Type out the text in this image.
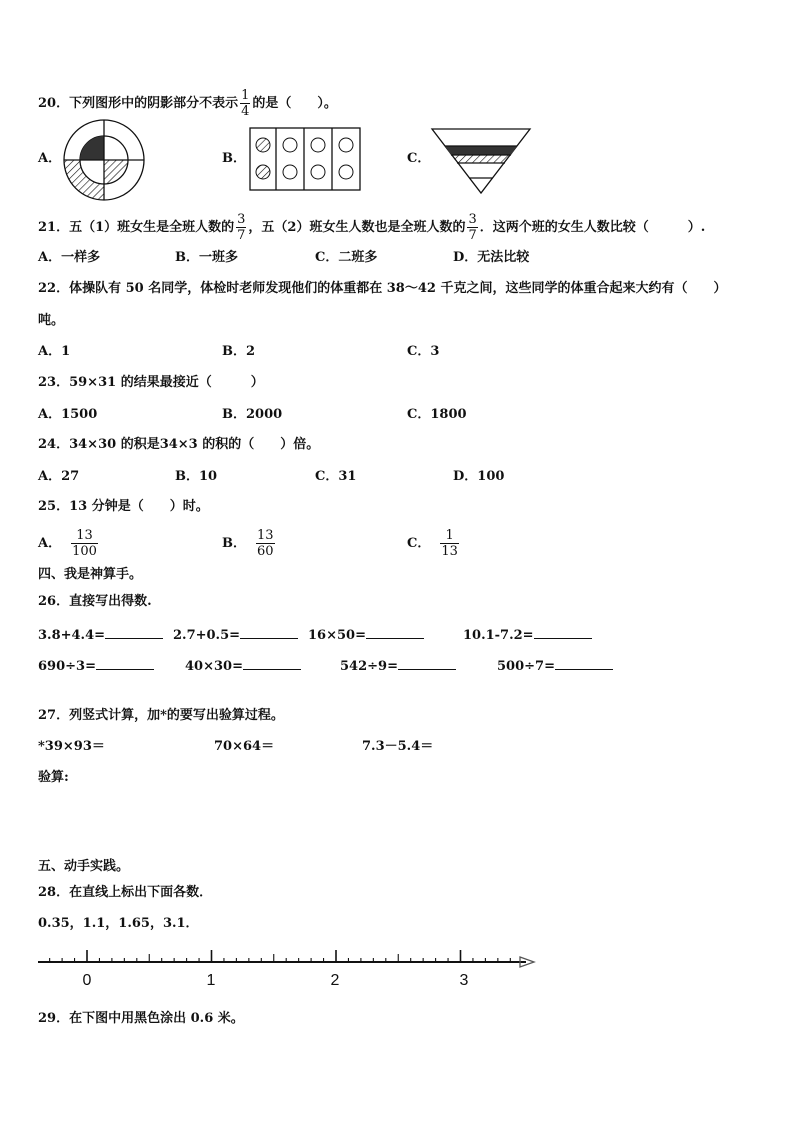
20．下列图形中的阴影部分不表示 $\frac{1}{4}$ 的是（　　）。
A．	B．	C．
21．五（1）班女生是全班人数的 $\frac{3}{7}$ ，五（2）班女生人数也是全班人数的 $\frac{3}{7}$ ．这两个班的女生人数比较（　　　）.
A．一样多	B．一班多	C．二班多	D．无法比较
22．体操队有 50 名同学，体检时老师发现他们的体重都在 38～42 千克之间，这些同学的体重合起来大约有（　　）
吨。
A．1	B．2	C．3
23．59×31 的结果最接近（　　　）
A．1500	B．2000	C．1800
24．34×30 的积是34×3 的积的（　　）倍。
A．27	B．10	C．31	D．100
25．13 分钟是（　　）时。
A． $\frac{13}{100}$	B． $\frac{13}{60}$	C． $\frac{1}{13}$
四、我是神算手。
26．直接写出得数.
3.8+4.4=	2.7+0.5=	16×50=	10.1-7.2=
690÷3=	40×30=	542÷9=	500÷7=
27．列竖式计算，加*的要写出验算过程。
*39×93＝	70×64＝	7.3－5.4＝
验算:
五、动手实践。
28．在直线上标出下面各数．
0.35，1.1，1.65，3.1．
0	1	2	3
29．在下图中用黑色涂出 0.6 米。
